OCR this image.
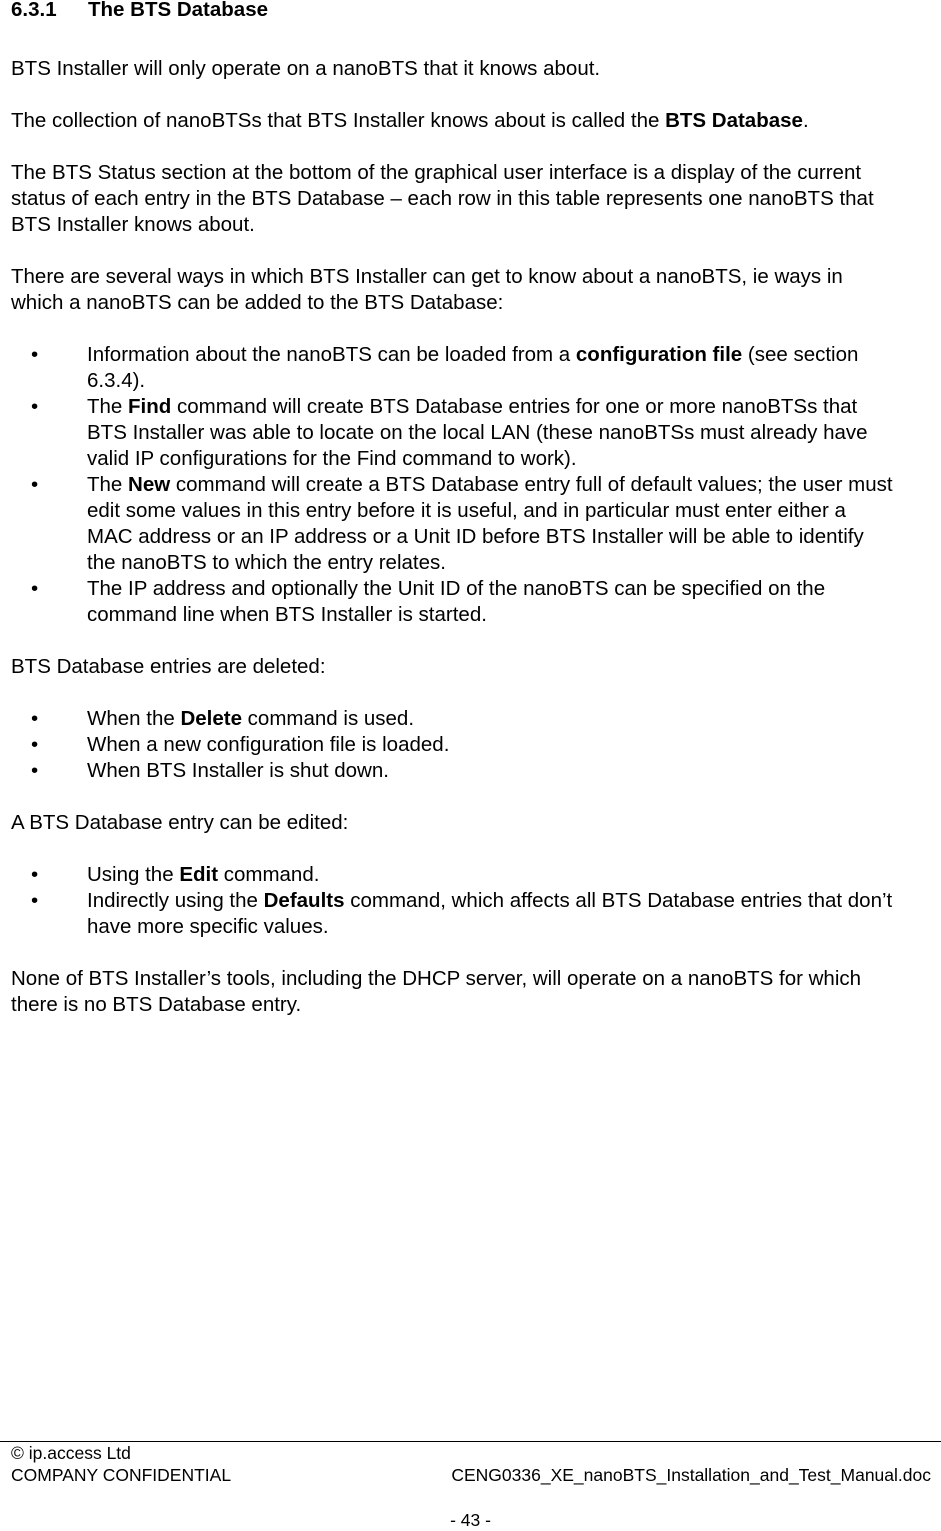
6.3.1 The BTS Database

BTS Installer will only operate on a nanoBTS that it knows about.

The collection of nanoBTSs that BTS Installer knows about is called the BTS Database.

The BTS Status section at the bottom of the graphical user interface is a display of the current status of each entry in the BTS Database – each row in this table represents one nanoBTS that BTS Installer knows about.

There are several ways in which BTS Installer can get to know about a nanoBTS, ie ways in which a nanoBTS can be added to the BTS Database:

• Information about the nanoBTS can be loaded from a configuration file (see section 6.3.4).
• The Find command will create BTS Database entries for one or more nanoBTSs that BTS Installer was able to locate on the local LAN (these nanoBTSs must already have valid IP configurations for the Find command to work).
• The New command will create a BTS Database entry full of default values; the user must edit some values in this entry before it is useful, and in particular must enter either a MAC address or an IP address or a Unit ID before BTS Installer will be able to identify the nanoBTS to which the entry relates.
• The IP address and optionally the Unit ID of the nanoBTS can be specified on the command line when BTS Installer is started.

BTS Database entries are deleted:

• When the Delete command is used.
• When a new configuration file is loaded.
• When BTS Installer is shut down.

A BTS Database entry can be edited:

• Using the Edit command.
• Indirectly using the Defaults command, which affects all BTS Database entries that don’t have more specific values.

None of BTS Installer’s tools, including the DHCP server, will operate on a nanoBTS for which there is no BTS Database entry.

© ip.access Ltd
COMPANY CONFIDENTIAL	CENG0336_XE_nanoBTS_Installation_and_Test_Manual.doc
- 43 -
